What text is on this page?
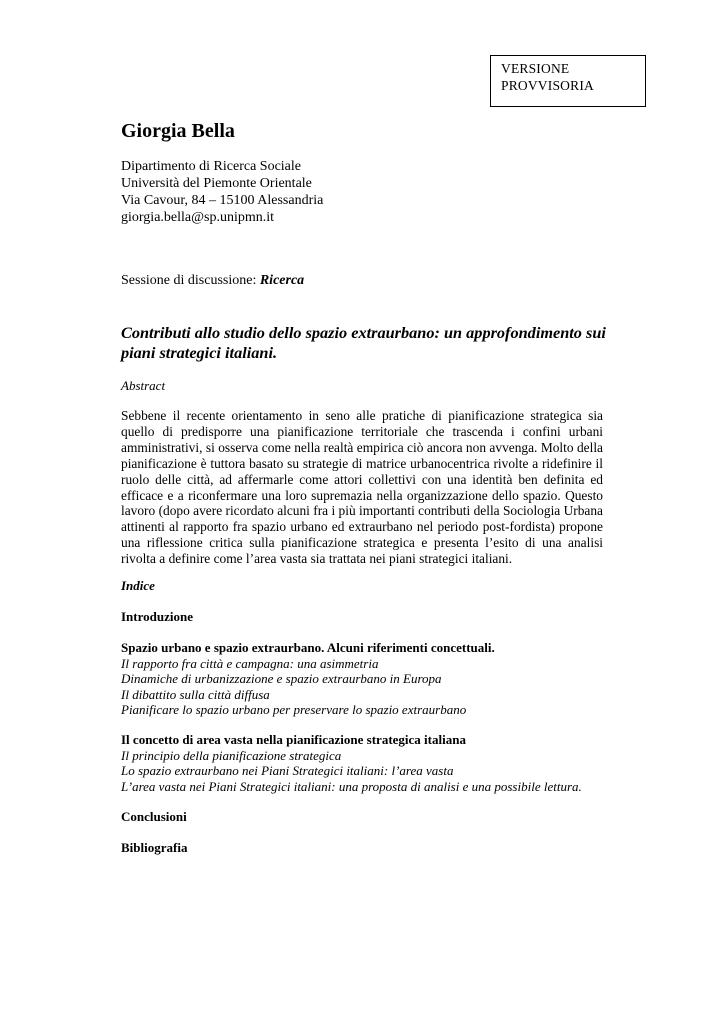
VERSIONE
PROVVISORIA
Giorgia Bella
Dipartimento di Ricerca Sociale
Università del Piemonte Orientale
Via Cavour, 84 – 15100 Alessandria
giorgia.bella@sp.unipmn.it
Sessione di discussione: Ricerca
Contributi allo studio dello spazio extraurbano: un approfondimento sui piani strategici italiani.
Abstract
Sebbene il recente orientamento in seno alle pratiche di pianificazione strategica sia quello di predisporre una pianificazione territoriale che trascenda i confini urbani amministrativi, si osserva come nella realtà empirica ciò ancora non avvenga. Molto della pianificazione è tuttora basato su strategie di matrice urbanocentrica rivolte a ridefinire il ruolo delle città, ad affermarle come attori collettivi con una identità ben definita ed efficace e a riconfermare una loro supremazia nella organizzazione dello spazio. Questo lavoro (dopo avere ricordato alcuni fra i più importanti contributi della Sociologia Urbana attinenti al rapporto fra spazio urbano ed extraurbano nel periodo post-fordista) propone una riflessione critica sulla pianificazione strategica e presenta l’esito di una analisi rivolta a definire come l’area vasta sia trattata nei piani strategici italiani.
Indice
Introduzione
Spazio urbano e spazio extraurbano. Alcuni riferimenti concettuali.
Il rapporto fra città e campagna: una asimmetria
Dinamiche di urbanizzazione e spazio extraurbano in Europa
Il dibattito sulla città diffusa
Pianificare lo spazio urbano per preservare lo spazio extraurbano
Il concetto di area vasta nella pianificazione strategica italiana
Il principio della pianificazione strategica
Lo spazio extraurbano nei Piani Strategici italiani: l’area vasta
L’area vasta nei Piani Strategici italiani: una proposta di analisi e una possibile lettura.
Conclusioni
Bibliografia
